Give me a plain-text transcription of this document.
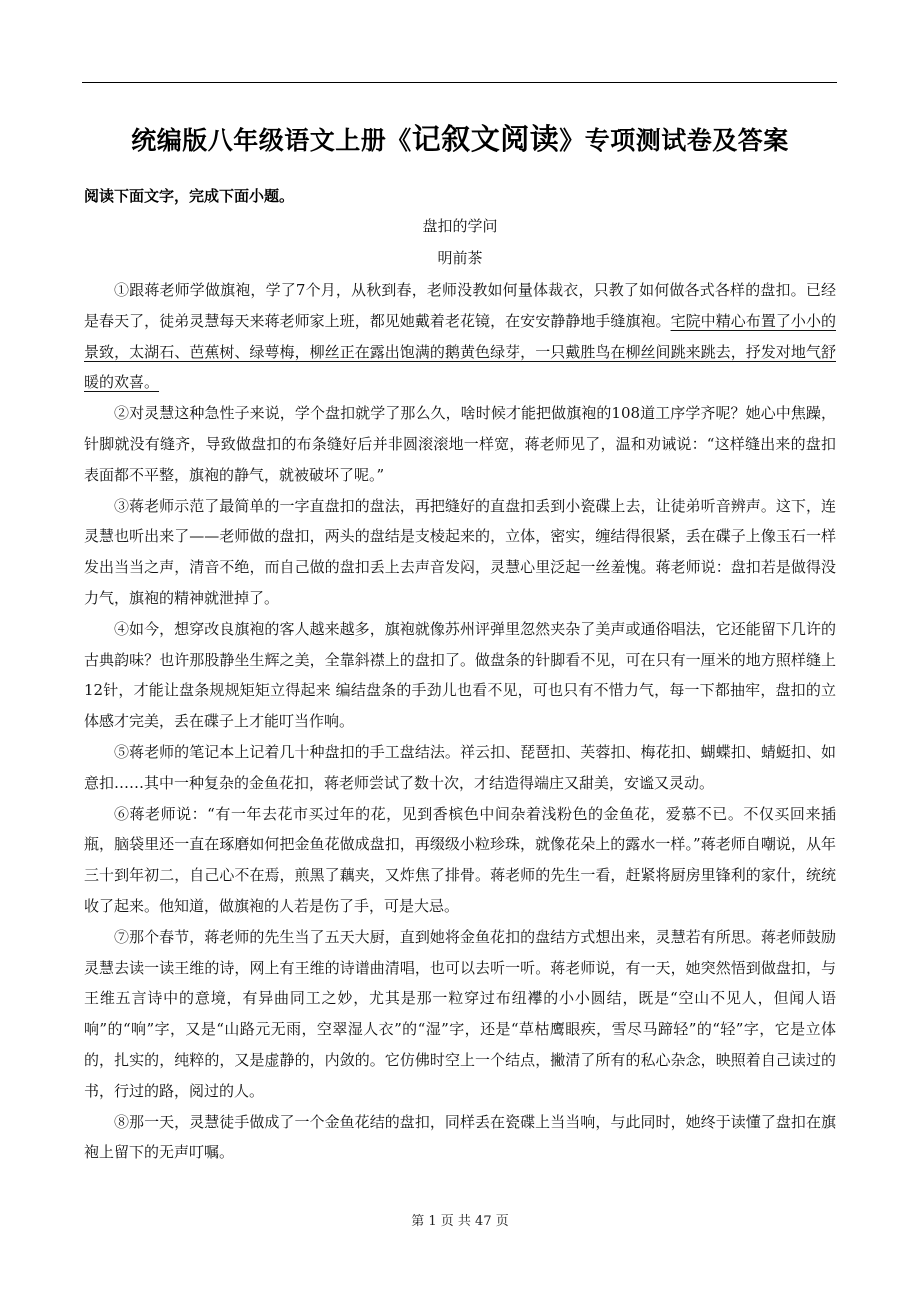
统编版八年级语文上册《记叙文阅读》专项测试卷及答案
阅读下面文字，完成下面小题。
盘扣的学问
明前茶

①跟蒋老师学做旗袍，学了7个月，从秋到春，老师没教如何量体裁衣，只教了如何做各式各样的盘扣。已经是春天了，徒弟灵慧每天来蒋老师家上班，都见她戴着老花镜，在安安静静地手缝旗袍。宅院中精心布置了小小的景致，太湖石、芭蕉树、绿萼梅，柳丝正在露出饱满的鹅黄色绿芽，一只戴胜鸟在柳丝间跳来跳去，抒发对地气舒暖的欢喜。

②对灵慧这种急性子来说，学个盘扣就学了那么久，啥时候才能把做旗袍的108道工序学齐呢？她心中焦躁，针脚就没有缝齐，导致做盘扣的布条缝好后并非圆滚滚地一样宽，蒋老师见了，温和劝诫说：“这样缝出来的盘扣表面都不平整，旗袍的静气，就被破坏了呢。”

③蒋老师示范了最简单的一字直盘扣的盘法，再把缝好的直盘扣丢到小瓷碟上去，让徒弟听音辨声。这下，连灵慧也听出来了——老师做的盘扣，两头的盘结是支棱起来的，立体，密实，缠结得很紧，丢在碟子上像玉石一样发出当当之声，清音不绝，而自己做的盘扣丢上去声音发闷，灵慧心里泛起一丝羞愧。蒋老师说：盘扣若是做得没力气，旗袍的精神就泄掉了。

④如今，想穿改良旗袍的客人越来越多，旗袍就像苏州评弹里忽然夹杂了美声或通俗唱法，它还能留下几许的古典韵味？也许那股静坐生辉之美，全靠斜襟上的盘扣了。做盘条的针脚看不见，可在只有一厘米的地方照样缝上12针，才能让盘条规规矩矩立得起来 编结盘条的手劲儿也看不见，可也只有不惜力气，每一下都抽牢，盘扣的立体感才完美，丢在碟子上才能叮当作响。

⑤蒋老师的笔记本上记着几十种盘扣的手工盘结法。祥云扣、琵琶扣、芙蓉扣、梅花扣、蝴蝶扣、蜻蜓扣、如意扣……其中一种复杂的金鱼花扣，蒋老师尝试了数十次，才结造得端庄又甜美，安谧又灵动。

⑥蒋老师说：“有一年去花市买过年的花，见到香槟色中间杂着浅粉色的金鱼花，爱慕不已。不仅买回来插瓶，脑袋里还一直在琢磨如何把金鱼花做成盘扣，再缀级小粒珍珠，就像花朵上的露水一样。”蒋老师自嘲说，从年三十到年初二，自己心不在焉，煎黑了藕夹，又炸焦了排骨。蒋老师的先生一看，赶紧将厨房里锋利的家什，统统收了起来。他知道，做旗袍的人若是伤了手，可是大忌。

⑦那个春节，蒋老师的先生当了五天大厨，直到她将金鱼花扣的盘结方式想出来，灵慧若有所思。蒋老师鼓励灵慧去读一读王维的诗，网上有王维的诗谱曲清唱，也可以去听一听。蒋老师说，有一天，她突然悟到做盘扣，与王维五言诗中的意境，有异曲同工之妙，尤其是那一粒穿过布纽襻的小小圆结，既是“空山不见人，但闻人语响”的“响”字，又是“山路元无雨，空翠湿人衣”的“湿”字，还是“草枯鹰眼疾，雪尽马蹄轻”的“轻”字，它是立体的，扎实的，纯粹的，又是虚静的，内敛的。它仿佛时空上一个结点，撇清了所有的私心杂念，映照着自己读过的书，行过的路，阅过的人。

⑧那一天，灵慧徒手做成了一个金鱼花结的盘扣，同样丢在瓷碟上当当响，与此同时，她终于读懂了盘扣在旗袍上留下的无声叮嘱。

第 1 页 共 47 页
